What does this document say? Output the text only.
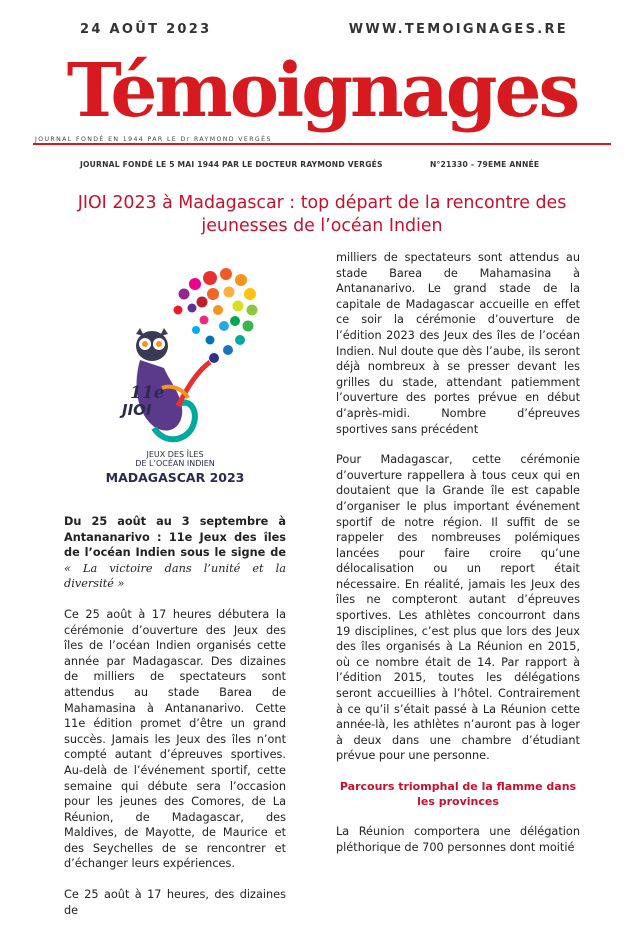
24 AOÛT 2023	WWW.TEMOIGNAGES.RE
Témoignages
JOURNAL FONDÉ EN 1944 PAR LE Dr RAYMOND VERGÈS
JOURNAL FONDÉ LE 5 MAI 1944 PAR LE DOCTEUR RAYMOND VERGÉS	N°21330 - 79EME ANNÉE
JIOI 2023 à Madagascar : top départ de la rencontre des jeunesses de l’océan Indien
11e
JIOI
JEUX DES ÎLES
DE L’OCÉAN INDIEN
MADAGASCAR 2023

Du 25 août au 3 septembre à Antananarivo : 11e Jeux des îles de l’océan Indien sous le signe de « La victoire dans l’unité et la diversité »

Ce 25 août à 17 heures débutera la cérémonie d’ouverture des Jeux des îles de l’océan Indien organisés cette année par Madagascar. Des dizaines de milliers de spectateurs sont attendus au stade Barea de Mahamasina à Antananarivo. Cette 11e édition promet d’être un grand succès. Jamais les Jeux des îles n’ont compté autant d’épreuves sportives. Au-delà de l’événement sportif, cette semaine qui débute sera l’occasion pour les jeunes des Comores, de La Réunion, de Madagascar, des Maldives, de Mayotte, de Maurice et des Seychelles de se rencontrer et d’échanger leurs expériences.

Ce 25 août à 17 heures, des dizaines de

milliers de spectateurs sont attendus au stade Barea de Mahamasina à Antananarivo. Le grand stade de la capitale de Madagascar accueille en effet ce soir la cérémonie d’ouverture de l’édition 2023 des Jeux des îles de l’océan Indien. Nul doute que dès l’aube, ils seront déjà nombreux à se presser devant les grilles du stade, attendant patiemment l’ouverture des portes prévue en début d’après-midi. Nombre d’épreuves sportives sans précédent

Pour Madagascar, cette cérémonie d’ouverture rappellera à tous ceux qui en doutaient que la Grande île est capable d’organiser le plus important événement sportif de notre région. Il suffit de se rappeler des nombreuses polémiques lancées pour faire croire qu’une délocalisation ou un report était nécessaire. En réalité, jamais les Jeux des îles ne compteront autant d’épreuves sportives. Les athlètes concourront dans 19 disciplines, c’est plus que lors des Jeux des îles organisés à La Réunion en 2015, où ce nombre était de 14. Par rapport à l’édition 2015, toutes les délégations seront accueillies à l’hôtel. Contrairement à ce qu’il s’était passé à La Réunion cette année-là, les athlètes n’auront pas à loger à deux dans une chambre d’étudiant prévue pour une personne.

Parcours triomphal de la flamme dans les provinces

La Réunion comportera une délégation pléthorique de 700 personnes dont moitié
